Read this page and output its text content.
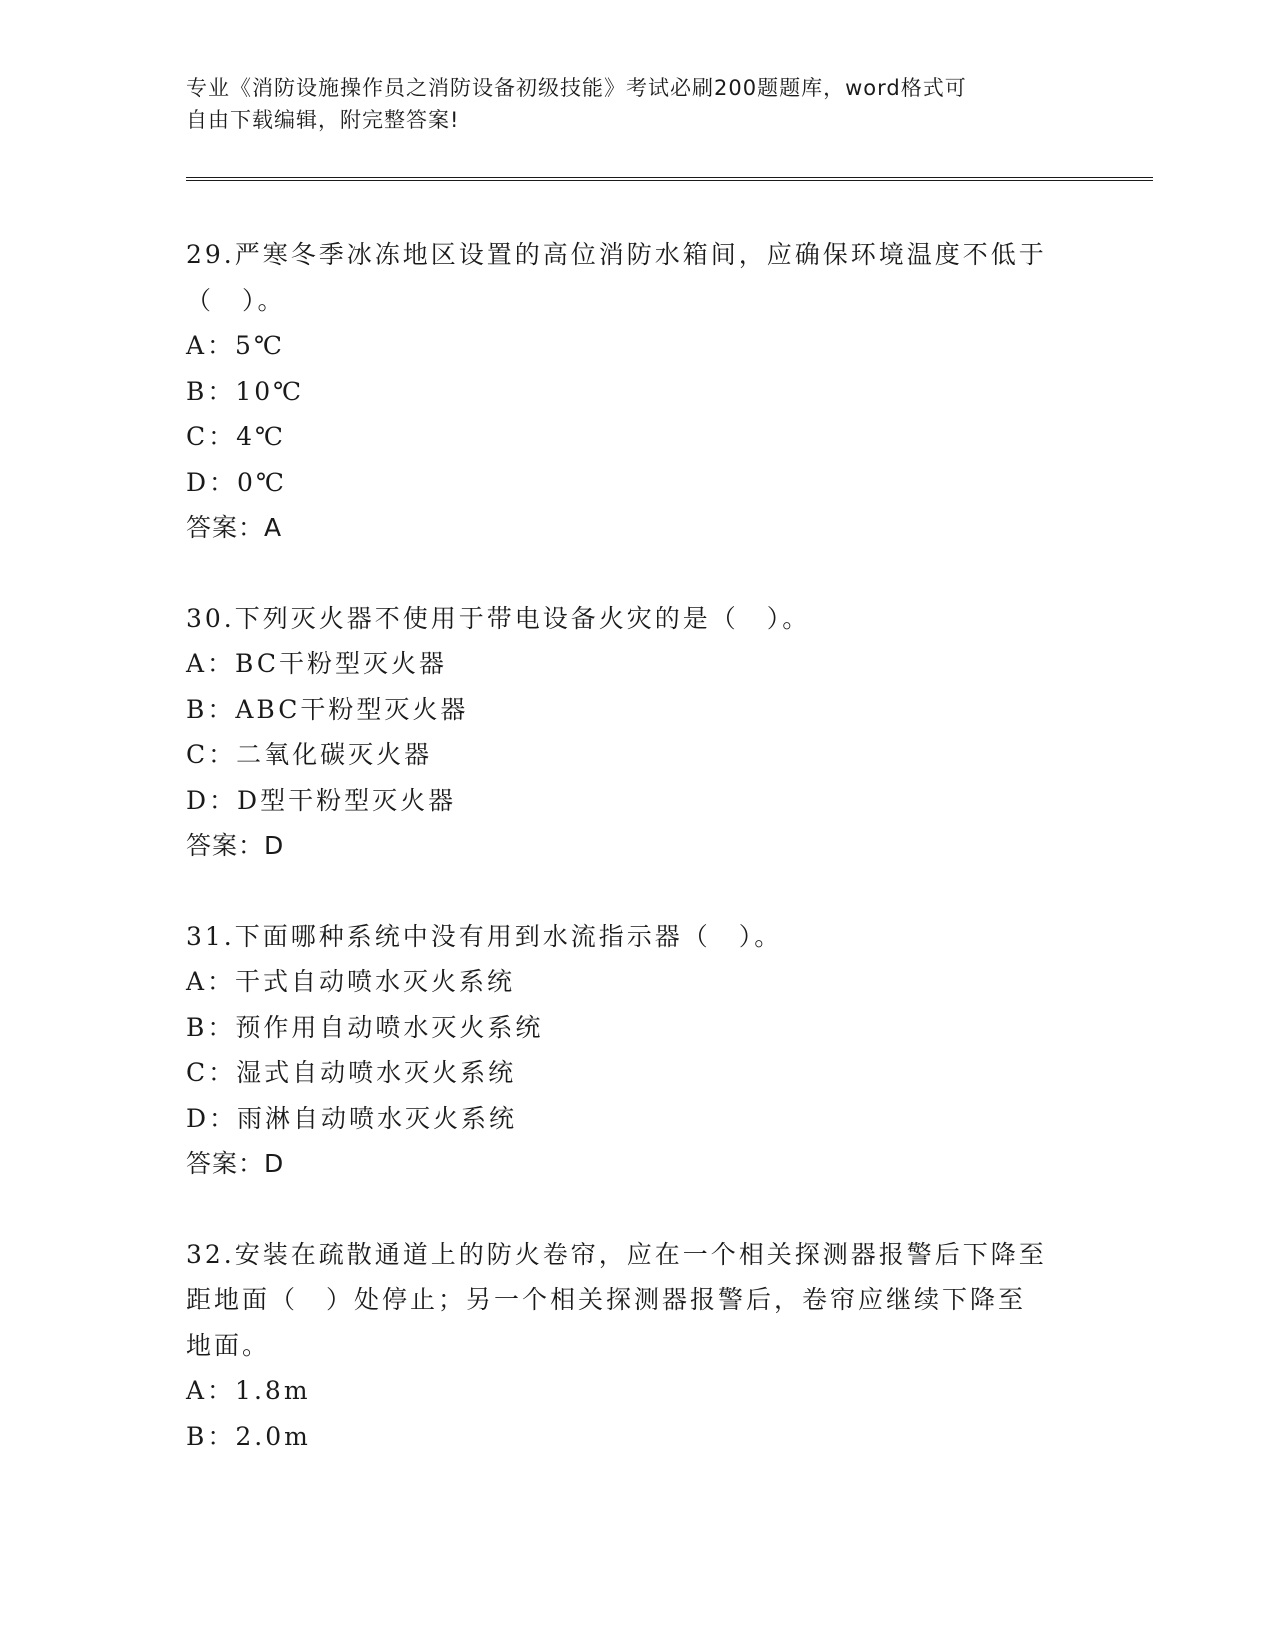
专业《消防设施操作员之消防设备初级技能》考试必刷200题题库，word格式可
自由下载编辑，附完整答案!
29.严寒冬季冰冻地区设置的高位消防水箱间，应确保环境温度不低于
（　）。
A：5℃
B：10℃
C：4℃
D：0℃
答案：A
30.下列灭火器不使用于带电设备火灾的是（　）。
A：BC干粉型灭火器
B：ABC干粉型灭火器
C：二氧化碳灭火器
D：D型干粉型灭火器
答案：D
31.下面哪种系统中没有用到水流指示器（　）。
A：干式自动喷水灭火系统
B：预作用自动喷水灭火系统
C：湿式自动喷水灭火系统
D：雨淋自动喷水灭火系统
答案：D
32.安装在疏散通道上的防火卷帘，应在一个相关探测器报警后下降至
距地面（　）处停止；另一个相关探测器报警后，卷帘应继续下降至
地面。
A：1.8m
B：2.0m
